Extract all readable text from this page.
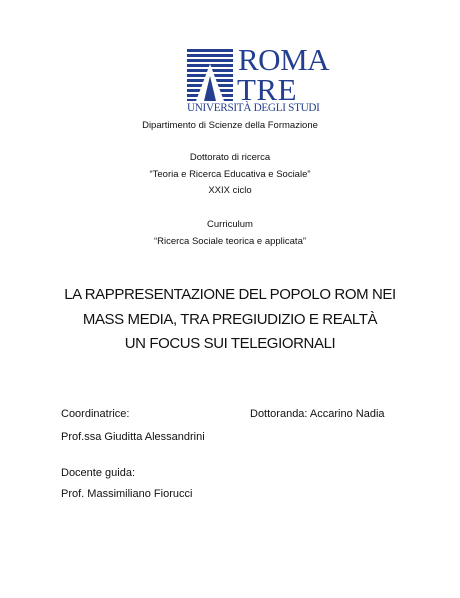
ROMA
TRE
UNIVERSITÀ DEGLI STUDI
Dipartimento di Scienze della Formazione
Dottorato di ricerca
“Teoria e Ricerca Educativa e Sociale”
XXIX ciclo
Curriculum
“Ricerca Sociale teorica e applicata”
LA RAPPRESENTAZIONE DEL POPOLO ROM NEI
MASS MEDIA, TRA PREGIUDIZIO E REALTÀ
UN FOCUS SUI TELEGIORNALI
Coordinatrice:	Dottoranda: Accarino Nadia
Prof.ssa Giuditta Alessandrini
Docente guida:
Prof. Massimiliano Fiorucci
